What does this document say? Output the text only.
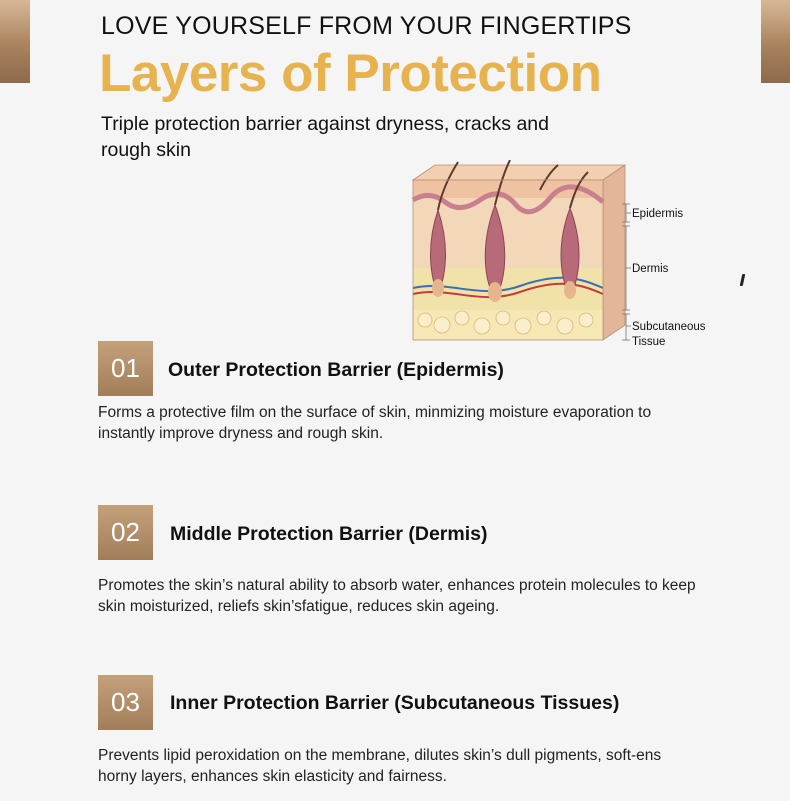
LOVE YOURSELF FROM YOUR FINGERTIPS
Layers of Protection
Triple protection barrier against dryness, cracks and rough skin
Epidermis
Dermis
Subcutaneous
Tissue
01	Outer Protection Barrier (Epidermis)
Forms a protective film on the surface of skin, minmizing moisture evaporation to instantly improve dryness and rough skin.
02	Middle Protection Barrier (Dermis)
Promotes the skin’s natural ability to absorb water, enhances protein molecules to keep skin moisturized, reliefs skin’sfatigue, reduces skin ageing.
03	Inner Protection Barrier (Subcutaneous Tissues)
Prevents lipid peroxidation on the membrane, dilutes skin’s dull pigments, soft-ens horny layers, enhances skin elasticity and fairness.
